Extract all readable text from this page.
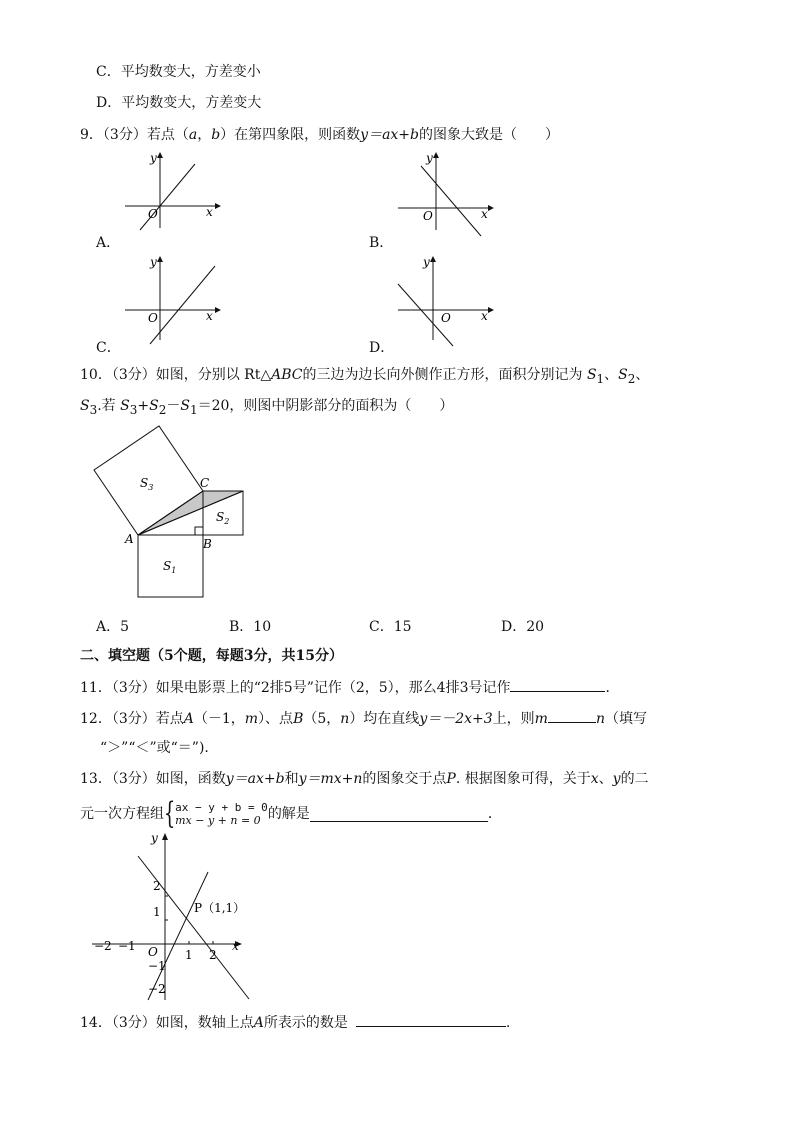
C．平均数变大，方差变小
D．平均数变大，方差变大
9．（3分）若点（a，b）在第四象限，则函数y＝ax+b的图象大致是（　　）
x
y
O
A．
x
y
O
B．
x
y
O
C．
x
y
O
D．
10．（3分）如图，分别以 Rt△ABC的三边为边长向外侧作正方形，面积分别记为 $S_1$、$S_2$、
$S_3$.若 $S_3+S_2-S_1=20$，则图中阴影部分的面积为（　　）
$S_3$
$S_2$
$S_1$
A	B
C
A．5	B．10	C．15	D．20
二、填空题（5个题，每题3分，共15分）
11．（3分）如果电影票上的“2排5号”记作（2，5），那么4排3号记作	．
12．（3分）若点A（－1，m）、点B（5，n）均在直线y＝－2x+3上，则m	n（填写
“＞”“＜”或“＝”).
13．（3分）如图，函数y＝ax+b和y＝mx+n的图象交于点P. 根据图象可得，关于x、y的二
元一次方程组{ ax − y + b = 0
mx − y + n = 0 的解是	．
y
x
O
−2 −1
1 2
2
1
−1
−2
P（1,1）
14．（3分）如图，数轴上点A所表示的数是	.
